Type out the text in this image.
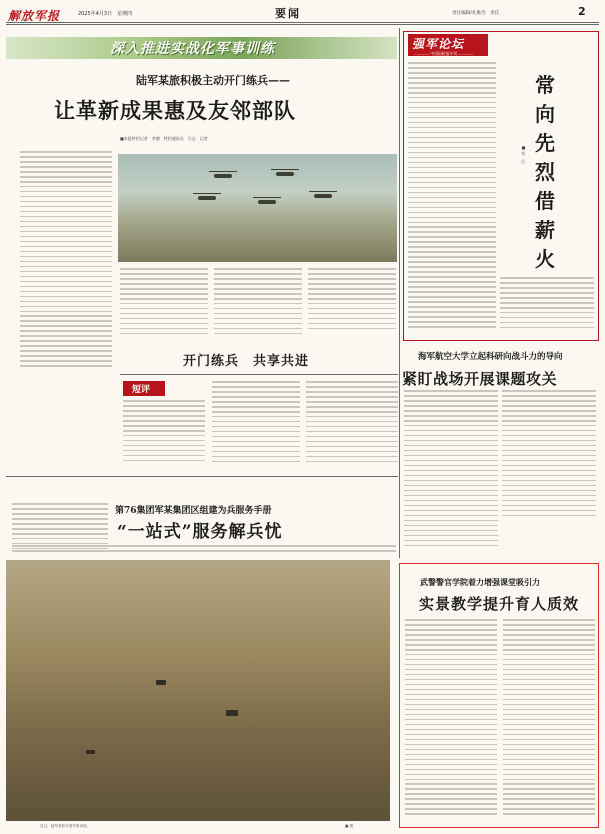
解放军报	2025年4月3日　星期四	要闻	责任编辑/孔维浩　责任	2
深入推进实战化军事训练
陆军某旅积极主动开门练兵——
让革新成果惠及友邻部队
■本报特约记者　李德　特约通讯员　石志　记者
开门练兵　共享共进
短评
第76集团军某集团区组建为兵服务手册
“一站式”服务解兵忧
近日，陆军某旅开展军事训练。	■ 摄
强军论坛
———— 中国国防报专刊 ————
■ 刘　岳
常
向
先
烈
借
薪
火
海军航空大学立起科研向战斗力的导向
紧盯战场开展课题攻关
武警警官学院着力增强课堂吸引力
实景教学提升育人质效
